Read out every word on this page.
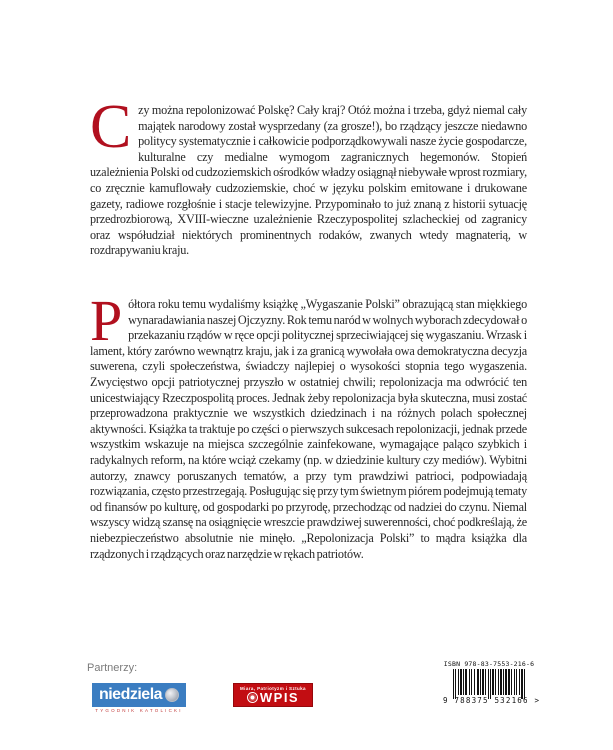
Czy można repolonizować Polskę? Cały kraj? Otóż można i trzeba, gdyż niemal cały majątek narodowy został wysprzedany (za grosze!), bo rządzący jeszcze niedawno politycy systematycznie i całkowicie podporządkowywali nasze życie gospodarcze, kulturalne czy medialne wymogom zagranicznych hegemonów. Stopień uzależnienia Polski od cudzoziemskich ośrodków władzy osiągnął niebywałe wprost rozmiary, co zręcznie kamuflowały cudzoziemskie, choć w języku polskim emitowane i drukowane gazety, radiowe rozgłośnie i stacje telewizyjne. Przypominało to już znaną z historii sytuację przedrozbiorową, XVIII-wieczne uzależnienie Rzeczypospolitej szlacheckiej od zagranicy oraz współudział niektórych prominentnych rodaków, zwanych wtedy magnaterią, w rozdrapywaniu kraju.
Półtora roku temu wydaliśmy książkę „Wygaszanie Polski” obrazującą stan miękkiego wynaradawiania naszej Ojczyzny. Rok temu naród w wolnych wyborach zdecydował o przekazaniu rządów w ręce opcji politycznej sprzeciwiającej się wygaszaniu. Wrzask i lament, który zarówno wewnątrz kraju, jak i za granicą wywołała owa demokratyczna decyzja suwerena, czyli społeczeństwa, świadczy najlepiej o wysokości stopnia tego wygaszenia. Zwycięstwo opcji patriotycznej przyszło w ostatniej chwili; repolonizacja ma odwrócić ten unicestwiający Rzeczpospolitą proces. Jednak żeby repolonizacja była skuteczna, musi zostać przeprowadzona praktycznie we wszystkich dziedzinach i na różnych polach społecznej aktywności. Książka ta traktuje po części o pierwszych sukcesach repolonizacji, jednak przede wszystkim wskazuje na miejsca szczególnie zainfekowane, wymagające paląco szybkich i radykalnych reform, na które wciąż czekamy (np. w dziedzinie kultury czy mediów). Wybitni autorzy, znawcy poruszanych tematów, a przy tym prawdziwi patrioci, podpowiadają rozwiązania, często przestrzegają. Posługując się przy tym świetnym piórem podejmują tematy od finansów po kulturę, od gospodarki po przyrodę, przechodząc od nadziei do czynu. Niemal wszyscy widzą szansę na osiągnięcie wreszcie prawdziwej suwerenności, choć podkreślają, że niebezpieczeństwo absolutnie nie minęło. „Repolonizacja Polski” to mądra książka dla rządzonych i rządzących oraz narzędzie w rękach patriotów.
Partnerzy:
niedziela
TYGODNIK KATOLICKI
Miara, Patriotyzm i Sztuka
WPIS
ISBN 978-83-7553-216-6
9 788375 532166 >
